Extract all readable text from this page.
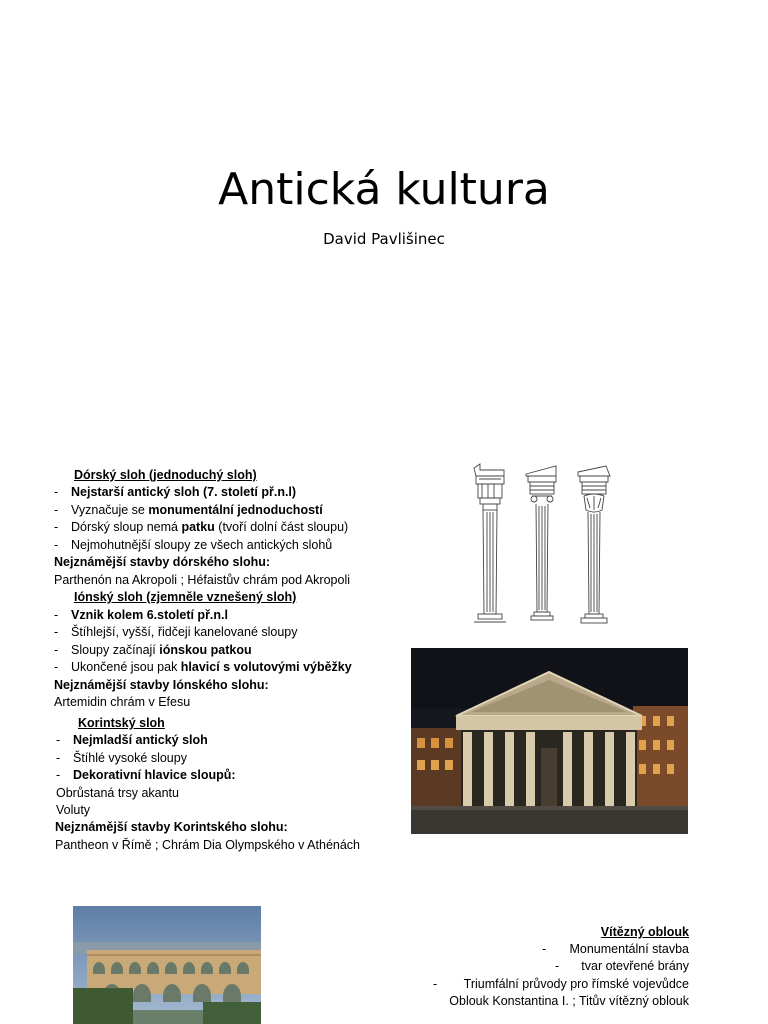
Antická kultura
David Pavlišinec
Dórský sloh (jednoduchý sloh)
- Nejstarší antický sloh (7. století př.n.l)
- Vyznačuje se monumentální jednoduchostí
- Dórský sloup nemá patku (tvoří dolní část sloupu)
- Nejmohutnější sloupy ze všech antických slohů
Nejznámější stavby dórského slohu:
Parthenón na Akropoli ; Héfaistův chrám pod Akropoli
Iónský sloh (zjemněle vznešený sloh)
- Vznik kolem 6.století př.n.l
- Štíhlejší, vyšší, řidčeji kanelované sloupy
- Sloupy začínají iónskou patkou
- Ukončené jsou pak hlavicí s volutovými výběžky
Nejznámější stavby Iónského slohu:
Artemidin chrám v Efesu
Korintský sloh
- Nejmladší antický sloh
- Štíhlé vysoké sloupy
- Dekorativní hlavice sloupů:
Obrůstaná trsy akantu
Voluty
Nejznámější stavby Korintského slohu:
Pantheon v Římě ; Chrám Dia Olympského v Athénách
Vítězný oblouk
- Monumentální stavba
- tvar otevřené brány
- Triumfální průvody pro římské vojevůdce
Oblouk Konstantina I. ; Titův vítězný oblouk
